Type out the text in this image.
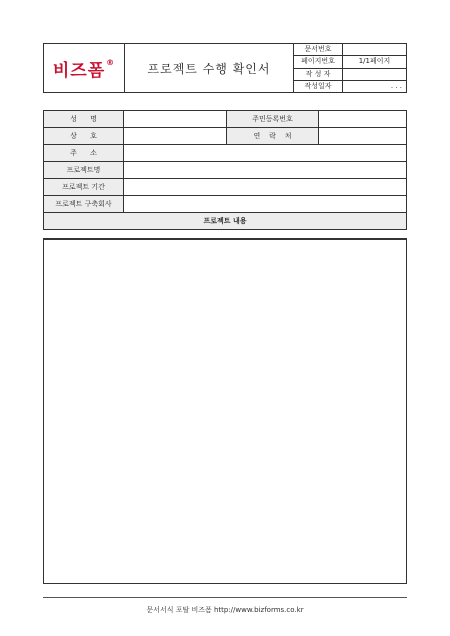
비즈폼®	프로젝트 수행 확인서	문서번호	
		페이지번호	1/1페이지
		작 성 자	
		작성일자	. . .
성      명		주민등록번호	
상      호		연    락    처	
주      소			
프로젝트명			
프로젝트 기간			
프로젝트 구축회사			
프로젝트 내용			
문서서식 포탈 비즈폼 http://www.bizforms.co.kr
